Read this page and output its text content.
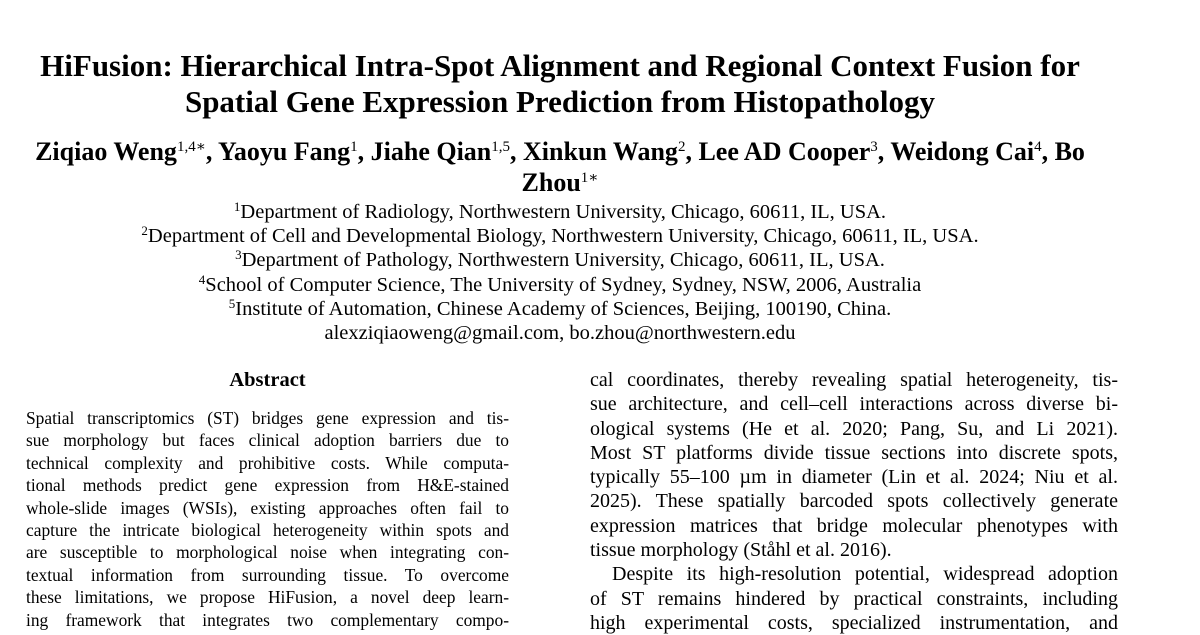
HiFusion: Hierarchical Intra-Spot Alignment and Regional Context Fusion for
Spatial Gene Expression Prediction from Histopathology
Ziqiao Weng$^{1,4∗}$, Yaoyu Fang$^1$, Jiahe Qian$^{1,5}$, Xinkun Wang$^2$, Lee AD Cooper$^3$, Weidong Cai$^4$, Bo
Zhou$^{1∗}$
$^1$Department of Radiology, Northwestern University, Chicago, 60611, IL, USA.
$^2$Department of Cell and Developmental Biology, Northwestern University, Chicago, 60611, IL, USA.
$^3$Department of Pathology, Northwestern University, Chicago, 60611, IL, USA.
$^4$School of Computer Science, The University of Sydney, Sydney, NSW, 2006, Australia
$^5$Institute of Automation, Chinese Academy of Sciences, Beijing, 100190, China.
alexziqiaoweng@gmail.com, bo.zhou@northwestern.edu
Abstract
Spatial transcriptomics (ST) bridges gene expression and tis-
sue morphology but faces clinical adoption barriers due to
technical complexity and prohibitive costs. While computa-
tional methods predict gene expression from H&E-stained
whole-slide images (WSIs), existing approaches often fail to
capture the intricate biological heterogeneity within spots and
are susceptible to morphological noise when integrating con-
textual information from surrounding tissue. To overcome
these limitations, we propose HiFusion, a novel deep learn-
ing framework that integrates two complementary compo-
cal coordinates, thereby revealing spatial heterogeneity, tis-
sue architecture, and cell–cell interactions across diverse bi-
ological systems (He et al. 2020; Pang, Su, and Li 2021).
Most ST platforms divide tissue sections into discrete spots,
typically 55–100 µm in diameter (Lin et al. 2024; Niu et al.
2025). These spatially barcoded spots collectively generate
expression matrices that bridge molecular phenotypes with
tissue morphology (Ståhl et al. 2016).
Despite its high-resolution potential, widespread adoption
of ST remains hindered by practical constraints, including
high experimental costs, specialized instrumentation, and
